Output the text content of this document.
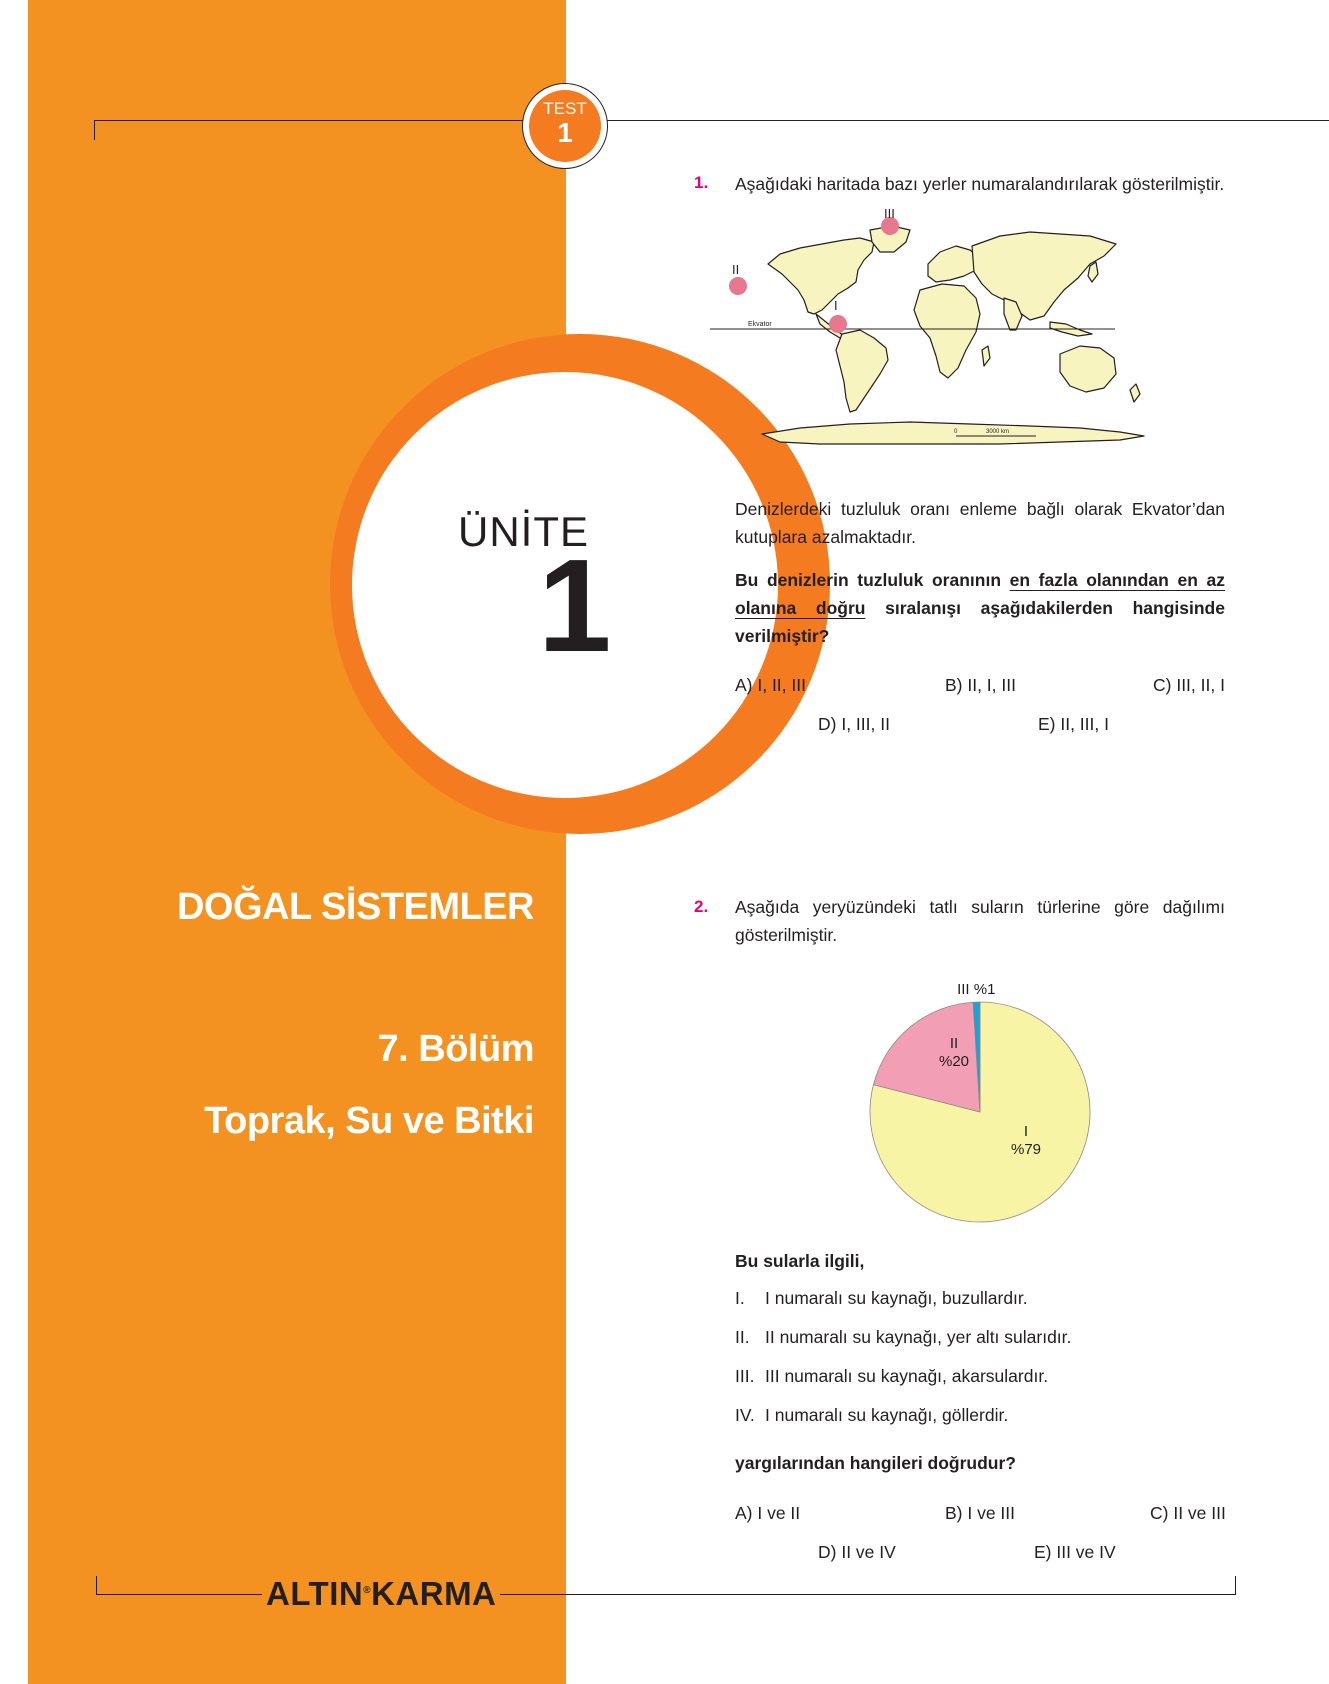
ÜNİTE
1
DOĞAL SİSTEMLER
7. Bölüm
Toprak, Su ve Bitki
TEST
1
1. Aşağıdaki haritada bazı yerler numaralandırılarak gösterilmiştir.
Ekvator
0	3000 km
I
II
III
Denizlerdeki tuzluluk oranı enleme bağlı olarak Ekvator’dan kutuplara azalmaktadır.
Bu denizlerin tuzluluk oranının en fazla olanından en az olanına doğru sıralanışı aşağıdakilerden hangisinde verilmiştir?
A) I, II, III	B) II, I, III	C) III, II, I
D) I, III, II	E) II, III, I
2. Aşağıda yeryüzündeki tatlı suların türlerine göre dağılımı gösterilmiştir.
I
%79
II
%20
III %1
Bu sularla ilgili,
I. I numaralı su kaynağı, buzullardır.
II. II numaralı su kaynağı, yer altı sularıdır.
III. III numaralı su kaynağı, akarsulardır.
IV. I numaralı su kaynağı, göllerdir.
yargılarından hangileri doğrudur?
A) I ve II	B) I ve III	C) II ve III
D) II ve IV	E) III ve IV
ALTIN®KARMA
